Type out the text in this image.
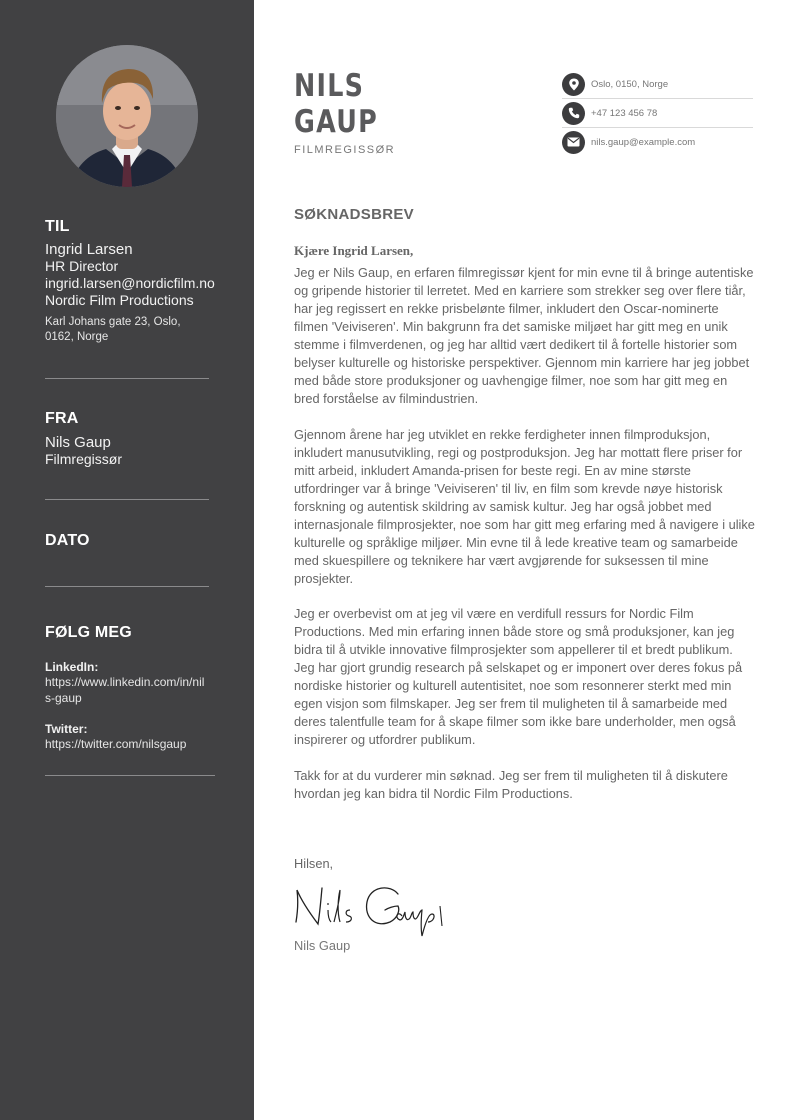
TIL
Ingrid Larsen
HR Director
ingrid.larsen@nordicfilm.no
Nordic Film Productions
Karl Johans gate 23, Oslo, 0162, Norge
FRA
Nils Gaup
Filmregissør
DATO
FØLG MEG
LinkedIn:
https://www.linkedin.com/in/nils-gaup
Twitter:
https://twitter.com/nilsgaup
NILS
GAUP
FILMREGISSØR
Oslo, 0150, Norge
+47 123 456 78
nils.gaup@example.com
SØKNADSBREV
Kjære Ingrid Larsen,

Jeg er Nils Gaup, en erfaren filmregissør kjent for min evne til å bringe autentiske og gripende historier til lerretet. Med en karriere som strekker seg over flere tiår, har jeg regissert en rekke prisbelønte filmer, inkludert den Oscar-nominerte filmen 'Veiviseren'. Min bakgrunn fra det samiske miljøet har gitt meg en unik stemme i filmverdenen, og jeg har alltid vært dedikert til å fortelle historier som belyser kulturelle og historiske perspektiver. Gjennom min karriere har jeg jobbet med både store produksjoner og uavhengige filmer, noe som har gitt meg en bred forståelse av filmindustrien.

Gjennom årene har jeg utviklet en rekke ferdigheter innen filmproduksjon, inkludert manusutvikling, regi og postproduksjon. Jeg har mottatt flere priser for mitt arbeid, inkludert Amanda-prisen for beste regi. En av mine største utfordringer var å bringe 'Veiviseren' til liv, en film som krevde nøye historisk forskning og autentisk skildring av samisk kultur. Jeg har også jobbet med internasjonale filmprosjekter, noe som har gitt meg erfaring med å navigere i ulike kulturelle og språklige miljøer. Min evne til å lede kreative team og samarbeide med skuespillere og teknikere har vært avgjørende for suksessen til mine prosjekter.

Jeg er overbevist om at jeg vil være en verdifull ressurs for Nordic Film Productions. Med min erfaring innen både store og små produksjoner, kan jeg bidra til å utvikle innovative filmprosjekter som appellerer til et bredt publikum. Jeg har gjort grundig research på selskapet og er imponert over deres fokus på nordiske historier og kulturell autentisitet, noe som resonnerer sterkt med min egen visjon som filmskaper. Jeg ser frem til muligheten til å samarbeide med deres talentfulle team for å skape filmer som ikke bare underholder, men også inspirerer og utfordrer publikum.

Takk for at du vurderer min søknad. Jeg ser frem til muligheten til å diskutere hvordan jeg kan bidra til Nordic Film Productions.

Hilsen,
Nils Gaup
